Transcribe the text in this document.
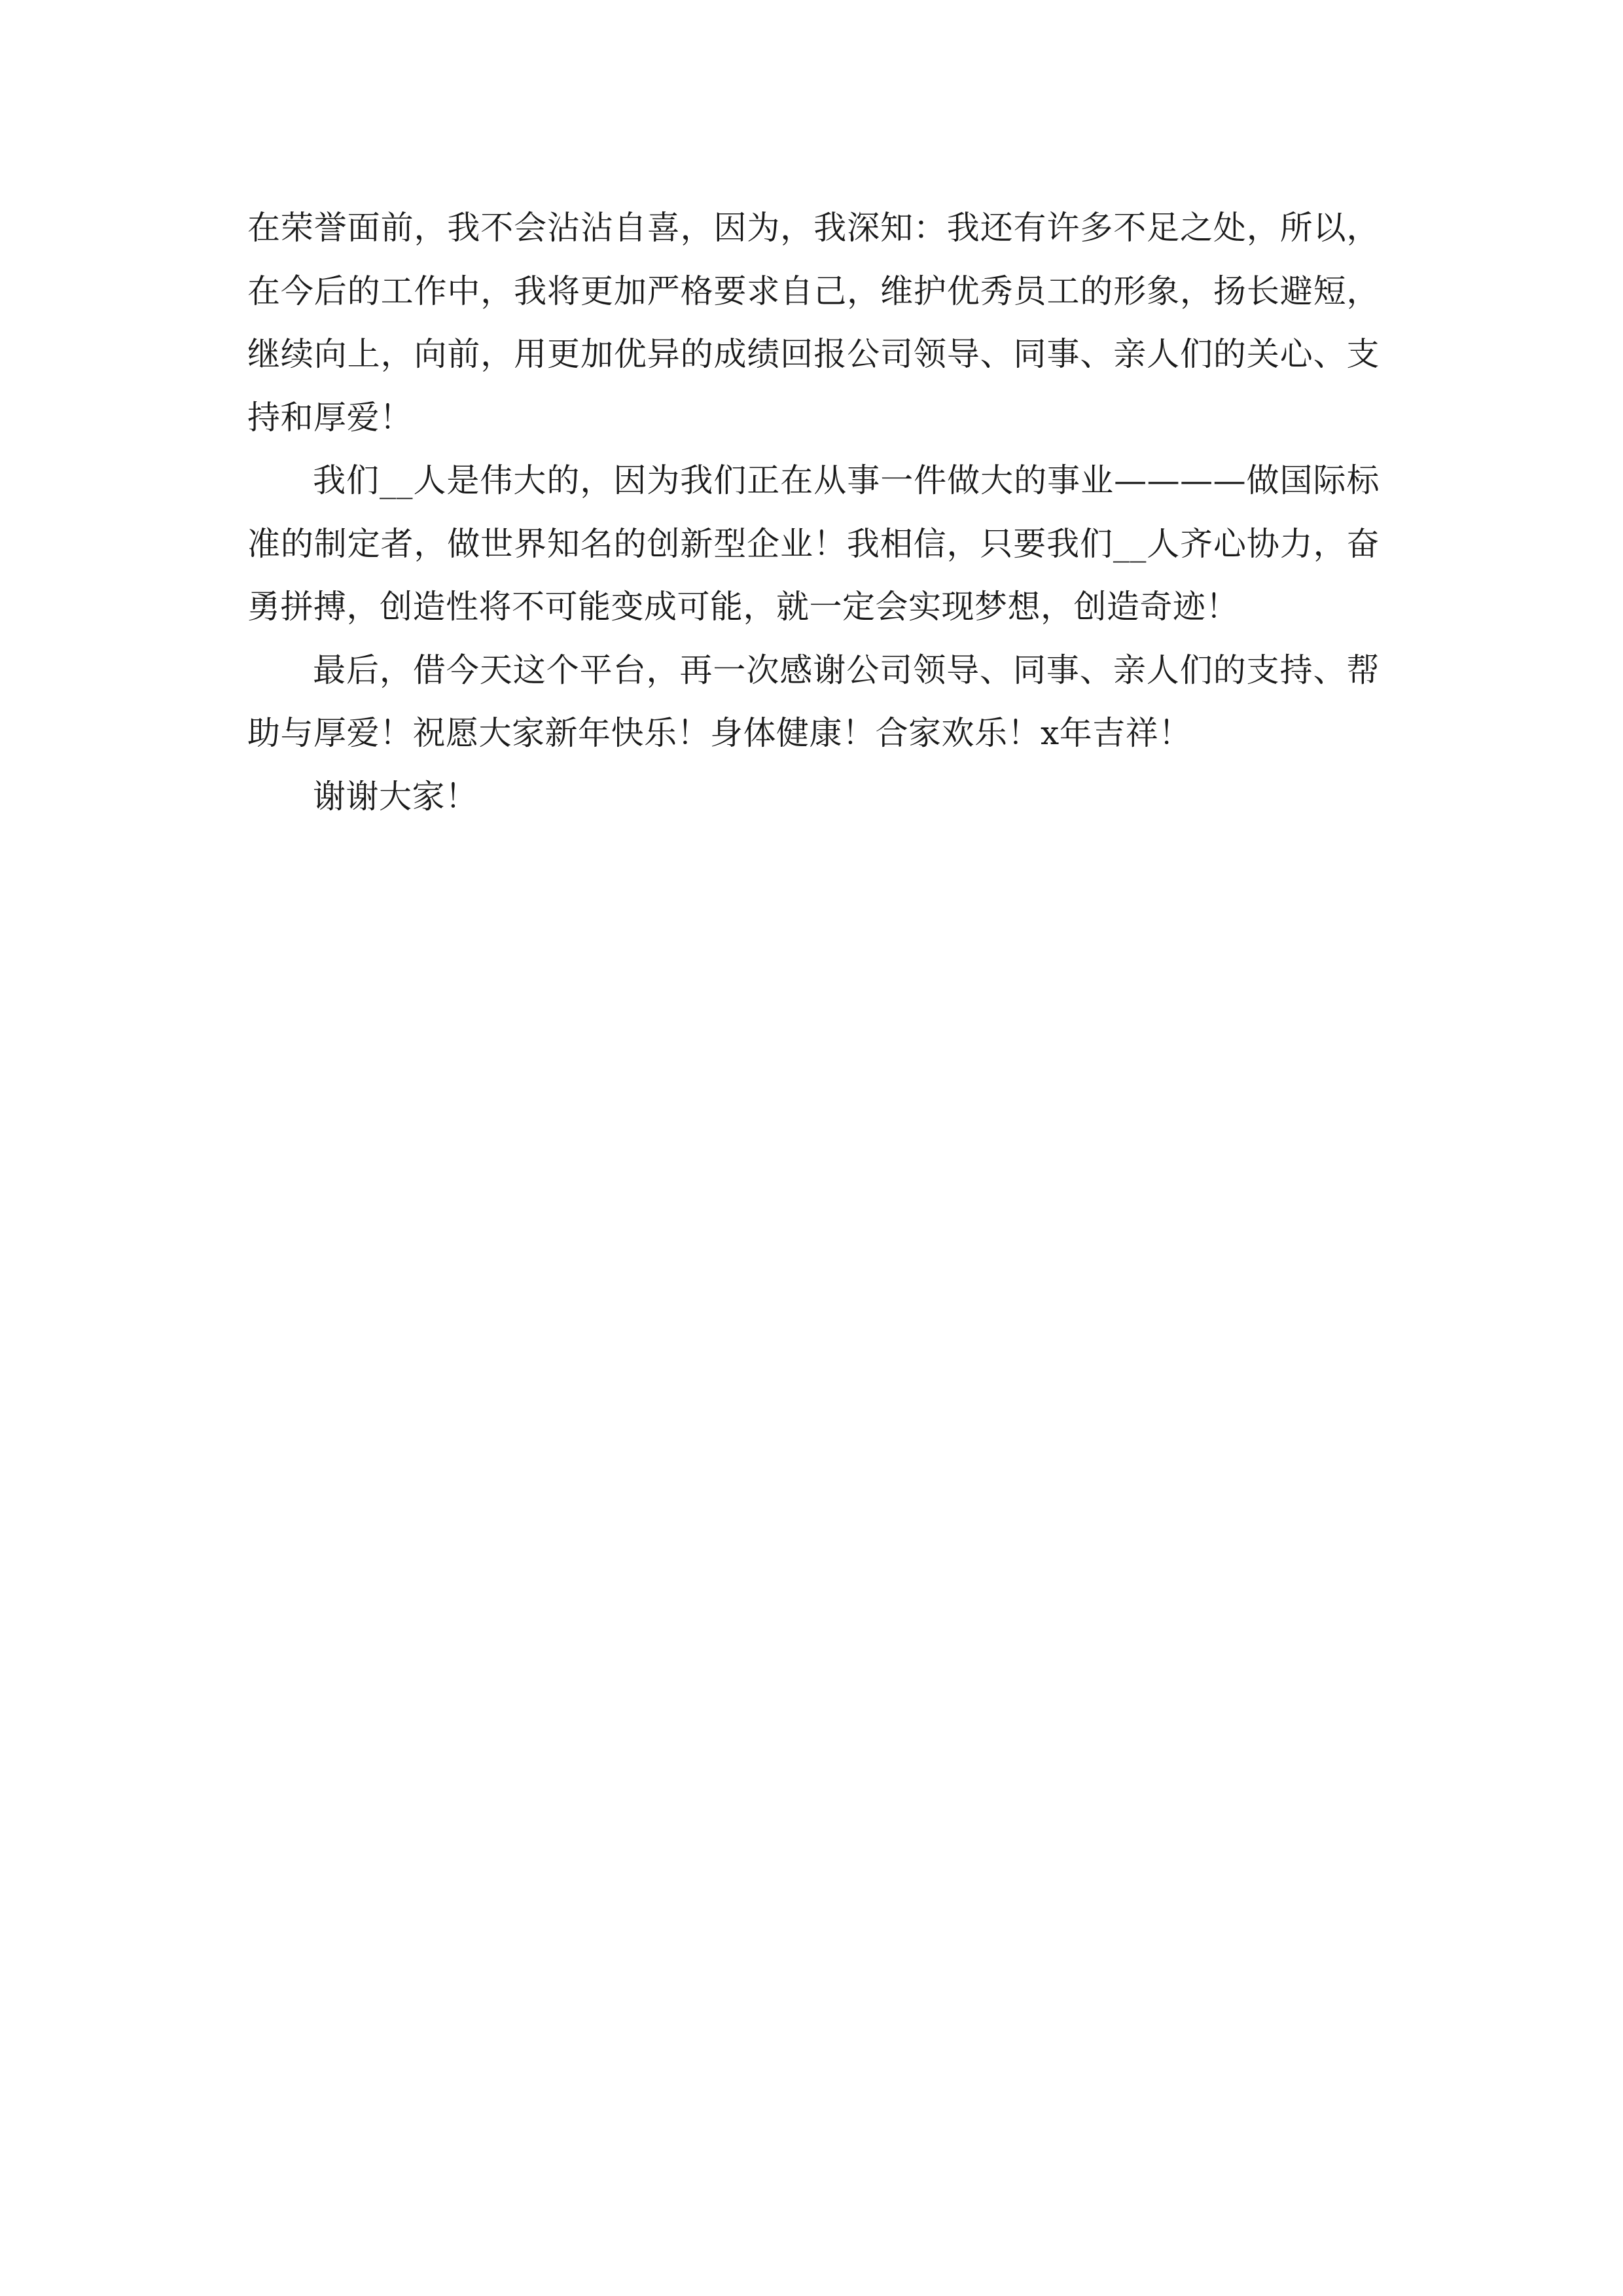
在荣誉面前，我不会沾沾自喜，因为，我深知：我还有许多不足之处，所以，在今后的工作中，我将更加严格要求自己，维护优秀员工的形象，扬长避短，继续向上，向前，用更加优异的成绩回报公司领导、同事、亲人们的关心、支持和厚爱！

我们__人是伟大的，因为我们正在从事一件做大的事业————做国际标准的制定者，做世界知名的创新型企业！我相信，只要我们__人齐心协力，奋勇拼搏，创造性将不可能变成可能，就一定会实现梦想，创造奇迹！

最后，借今天这个平台，再一次感谢公司领导、同事、亲人们的支持、帮助与厚爱！祝愿大家新年快乐！身体健康！合家欢乐！x年吉祥！

谢谢大家！
